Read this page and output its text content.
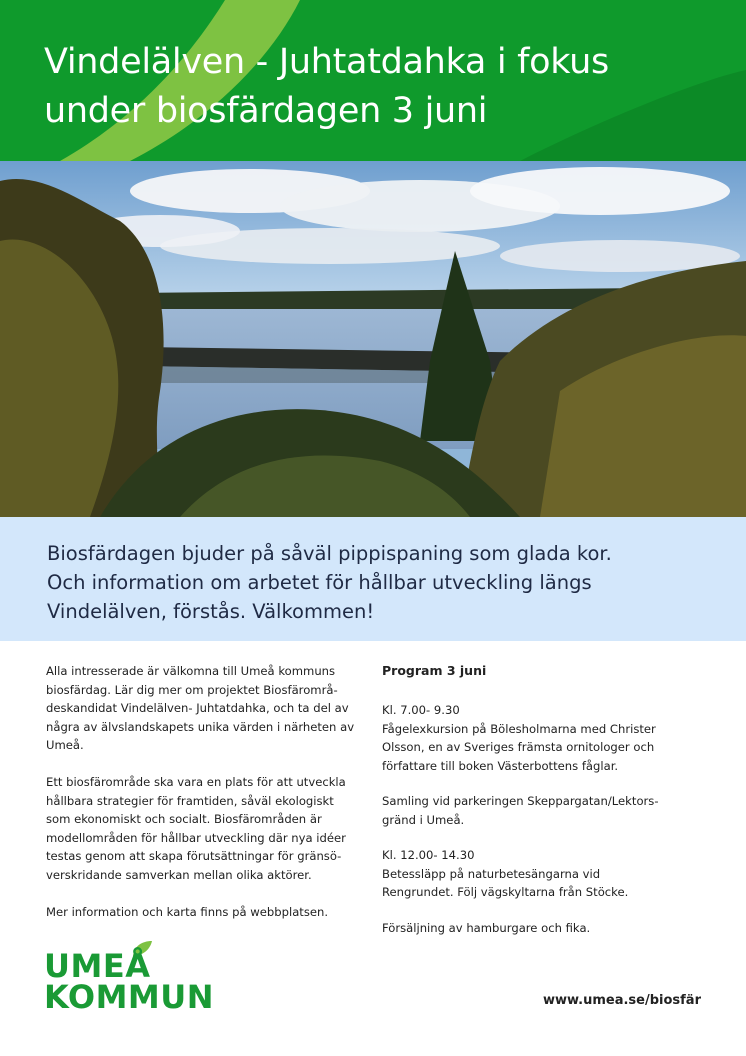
Vindelälven - Juhtatdahka i fokus
under biosfärdagen 3 juni
Biosfärdagen bjuder på såväl pippispaning som glada kor.
Och information om arbetet för hållbar utveckling längs
Vindelälven, förstås. Välkommen!

Alla intresserade är välkomna till Umeå kommuns
biosfärdag. Lär dig mer om projektet Biosfärområ-
deskandidat Vindelälven- Juhtatdahka, och ta del av
några av älvslandskapets unika värden i närheten av
Umeå.

Ett biosfärområde ska vara en plats för att utveckla
hållbara strategier för framtiden, såväl ekologiskt
som ekonomiskt och socialt. Biosfärområden är
modellområden för hållbar utveckling där nya idéer
testas genom att skapa förutsättningar för gränsö-
verskridande samverkan mellan olika aktörer.

Mer information och karta finns på webbplatsen.

Program 3 juni

Kl. 7.00- 9.30
Fågelexkursion på Bölesholmarna med Christer
Olsson, en av Sveriges främsta ornitologer och
författare till boken Västerbottens fåglar.

Samling vid parkeringen Skeppargatan/Lektors-
gränd i Umeå.

Kl. 12.00- 14.30
Betessläpp på naturbetesängarna vid
Rengrundet. Följ vägskyltarna från Stöcke.

Försäljning av hamburgare och fika.

UMEÅ
KOMMUN	www.umea.se/biosfär
